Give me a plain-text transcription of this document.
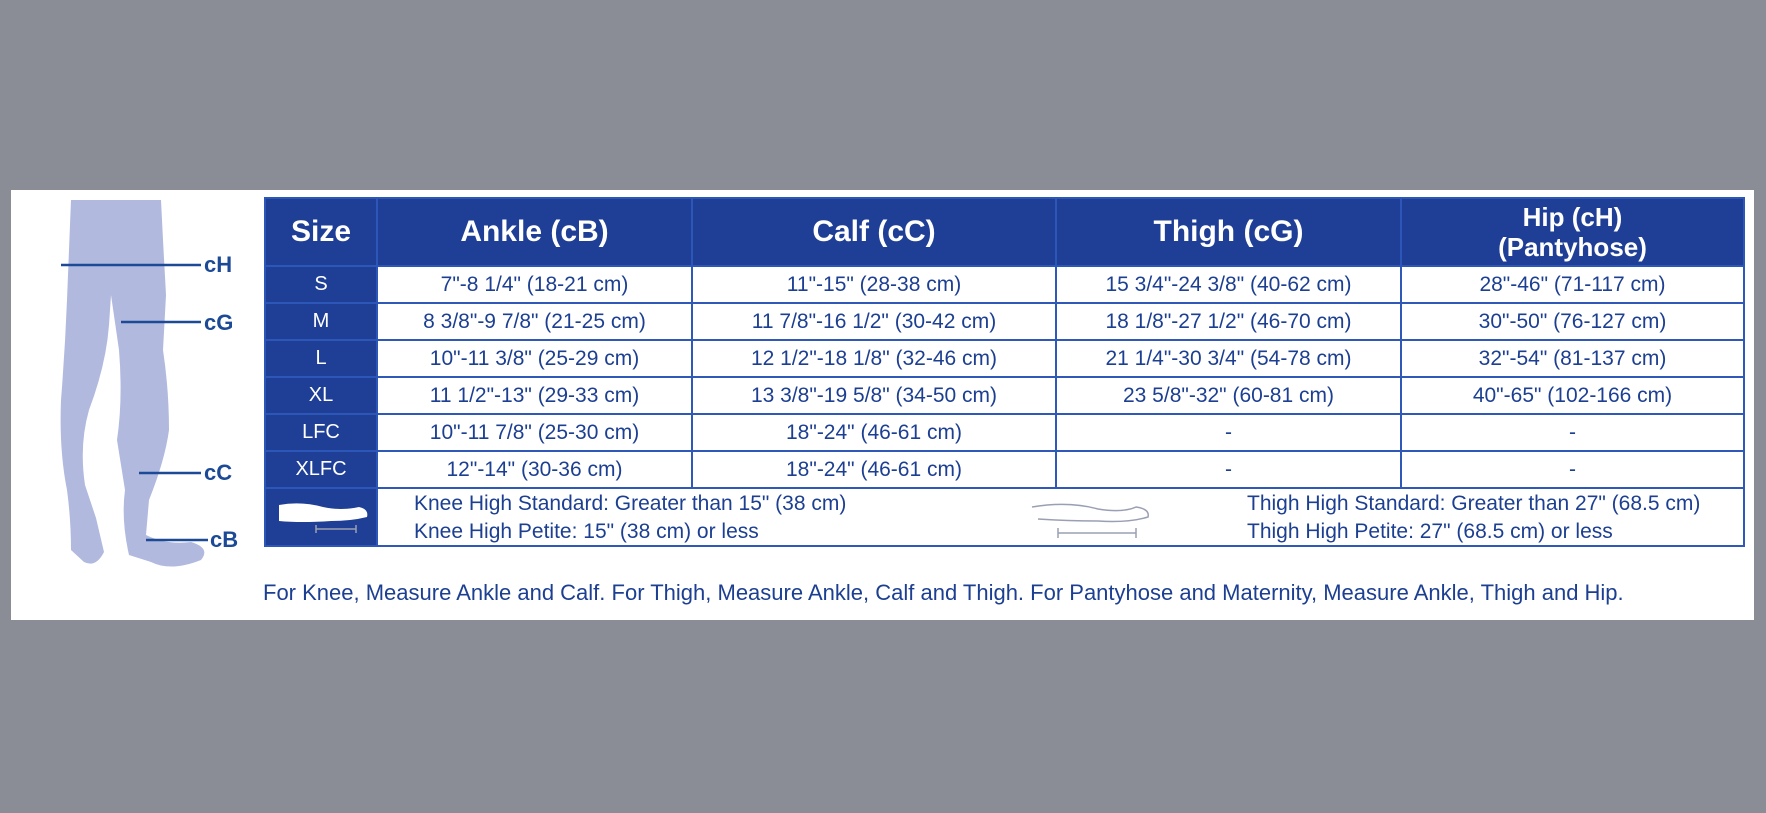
cH
cG
cC
cB
Size	Ankle (cB)	Calf (cC)	Thigh (cG)	Hip (cH)
(Pantyhose)

S	7"-8 1/4" (18-21 cm)	11"-15" (28-38 cm)	15 3/4"-24 3/8" (40-62 cm)	28"-46" (71-117 cm)
M	8 3/8"-9 7/8" (21-25 cm)	11 7/8"-16 1/2" (30-42 cm)	18 1/8"-27 1/2" (46-70 cm)	30"-50" (76-127 cm)
L	10"-11 3/8" (25-29 cm)	12 1/2"-18 1/8" (32-46 cm)	21 1/4"-30 3/4" (54-78 cm)	32"-54" (81-137 cm)
XL	11 1/2"-13" (29-33 cm)	13 3/8"-19 5/8" (34-50 cm)	23 5/8"-32" (60-81 cm)	40"-65" (102-166 cm)
LFC	10"-11 7/8" (25-30 cm)	18"-24" (46-61 cm)	-	-
XLFC	12"-14" (30-36 cm)	18"-24" (46-61 cm)	-	-

Knee High Standard: Greater than 15" (38 cm)
Knee High Petite: 15" (38 cm) or less
Thigh High Standard: Greater than 27" (68.5 cm)
Thigh High Petite: 27" (68.5 cm) or less			
For Knee, Measure Ankle and Calf. For Thigh, Measure Ankle, Calf and Thigh. For Pantyhose and Maternity, Measure Ankle, Thigh and Hip.
